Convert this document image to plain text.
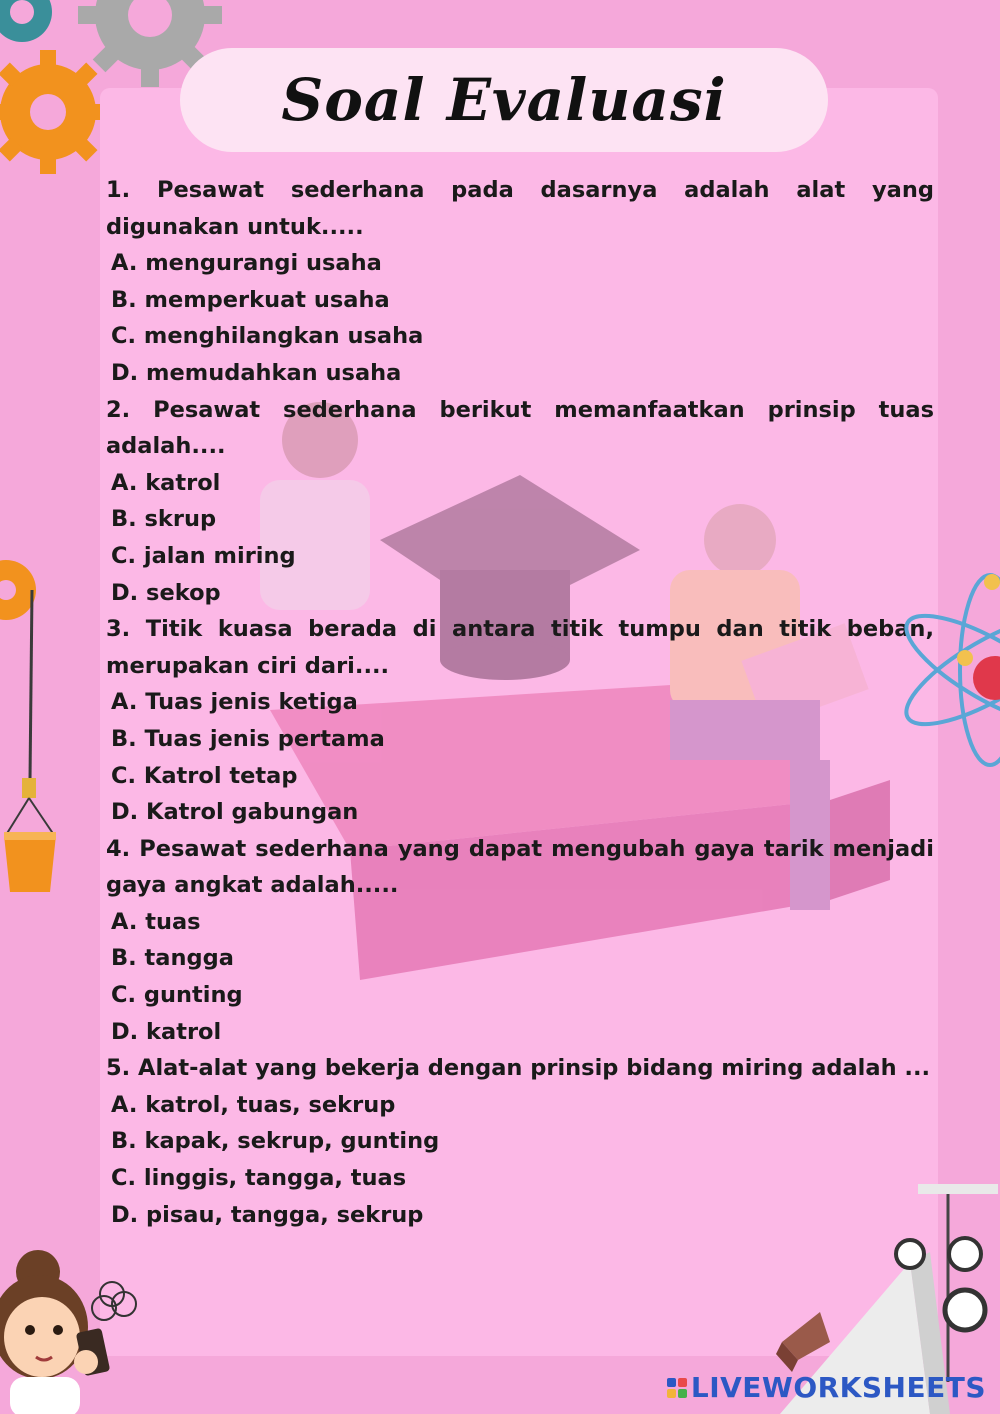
Soal Evaluasi

1. Pesawat sederhana pada dasarnya adalah alat yang digunakan untuk.....

A. mengurangi usaha

B. memperkuat usaha

C. menghilangkan usaha

D. memudahkan usaha

2. Pesawat sederhana berikut memanfaatkan prinsip tuas adalah....

A. katrol

B. skrup

C. jalan miring

D. sekop

3. Titik kuasa berada di antara titik tumpu dan titik beban, merupakan ciri dari....

A. Tuas jenis ketiga

B. Tuas jenis pertama

C. Katrol tetap

D. Katrol gabungan

4. Pesawat sederhana yang dapat mengubah gaya tarik menjadi gaya angkat adalah.....

A. tuas

B. tangga

C. gunting

D. katrol

5. Alat-alat yang bekerja dengan prinsip bidang miring adalah ...

A. katrol, tuas, sekrup

B. kapak, sekrup, gunting

C. linggis, tangga, tuas

D. pisau, tangga, sekrup

LIVEWORKSHEETS
